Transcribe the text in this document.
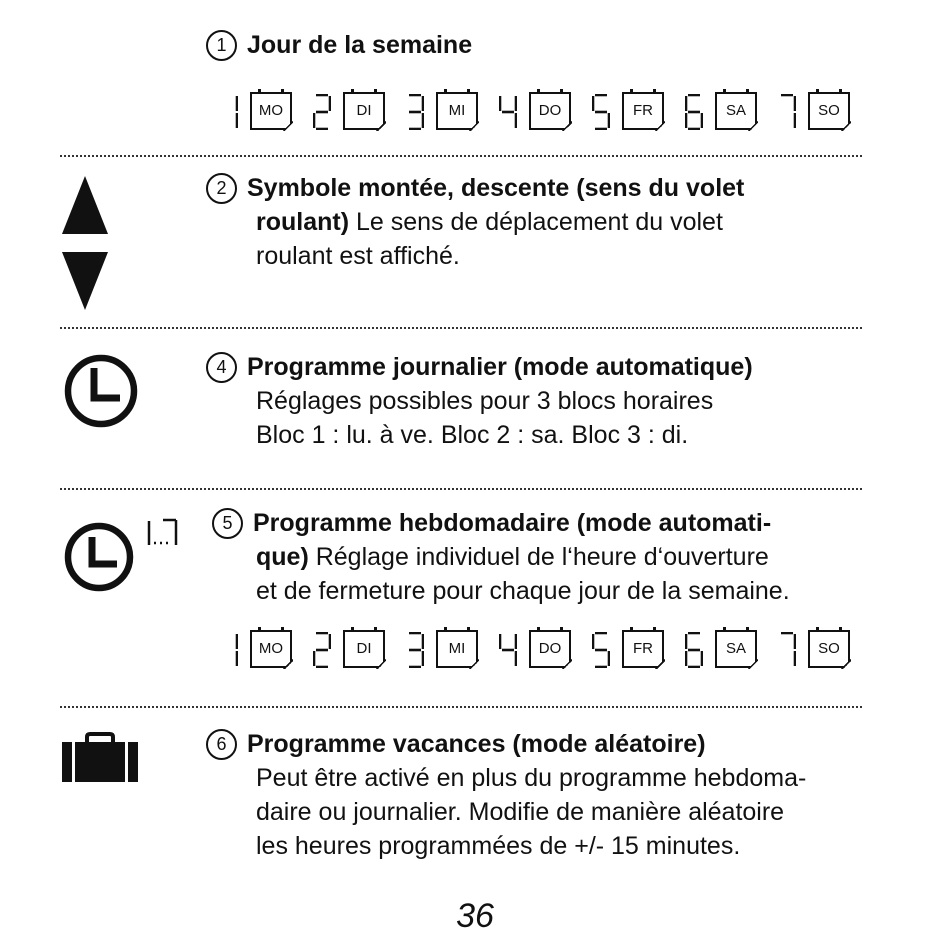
1 Jour de la semaine
MO	DI	MI	DO	FR	SA	SO
2 Symbole montée, descente (sens du volet
roulant) Le sens de déplacement du volet
roulant est affiché.
4 Programme journalier (mode automatique)
Réglages possibles pour 3 blocs horaires
Bloc 1 : lu. à ve. Bloc 2 : sa. Bloc 3 : di.
5 Programme hebdomadaire (mode automati-
que) Réglage individuel de l‘heure d‘ouverture
et de fermeture pour chaque jour de la semaine.
MO	DI	MI	DO	FR	SA	SO
6 Programme vacances (mode aléatoire)
Peut être activé en plus du programme hebdoma-
daire ou journalier. Modifie de manière aléatoire
les heures programmées de +/- 15 minutes.
36
